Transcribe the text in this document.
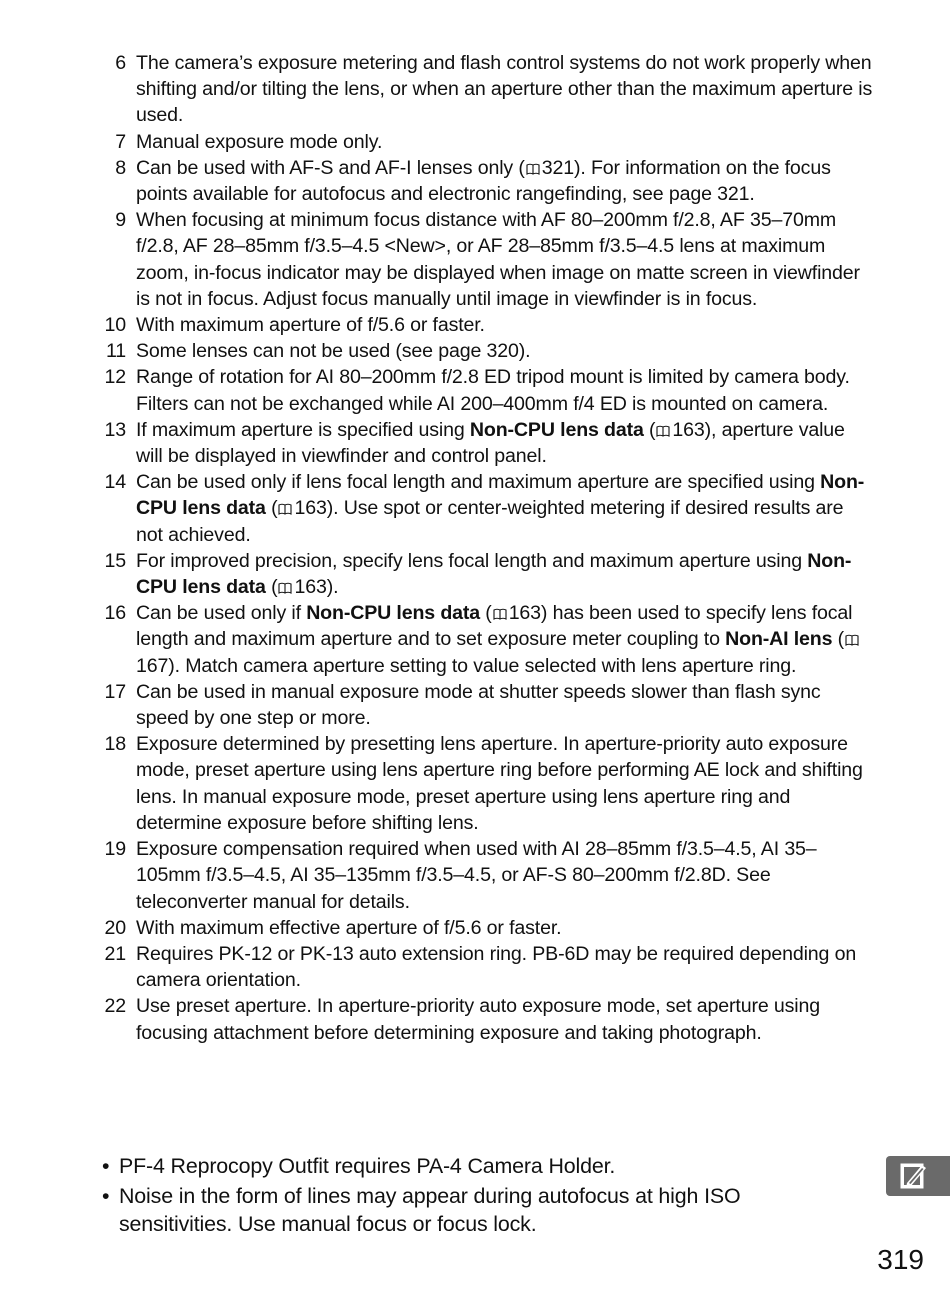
6 The camera’s exposure metering and flash control systems do not work properly when shifting and/or tilting the lens, or when an aperture other than the maximum aperture is used.
7 Manual exposure mode only.
8 Can be used with AF-S and AF-I lenses only ( 321). For information on the focus points available for autofocus and electronic rangefinding, see page 321.
9 When focusing at minimum focus distance with AF 80–200mm f/2.8, AF 35–70mm f/2.8, AF 28–85mm f/3.5–4.5 <New>, or AF 28–85mm f/3.5–4.5 lens at maximum zoom, in-focus indicator may be displayed when image on matte screen in viewfinder is not in focus. Adjust focus manually until image in viewfinder is in focus.
10 With maximum aperture of f/5.6 or faster.
11 Some lenses can not be used (see page 320).
12 Range of rotation for AI 80–200mm f/2.8 ED tripod mount is limited by camera body. Filters can not be exchanged while AI 200–400mm f/4 ED is mounted on camera.
13 If maximum aperture is specified using Non-CPU lens data ( 163), aperture value will be displayed in viewfinder and control panel.
14 Can be used only if lens focal length and maximum aperture are specified using Non-CPU lens data ( 163). Use spot or center-weighted metering if desired results are not achieved.
15 For improved precision, specify lens focal length and maximum aperture using Non-CPU lens data ( 163).
16 Can be used only if Non-CPU lens data ( 163) has been used to specify lens focal length and maximum aperture and to set exposure meter coupling to Non-AI lens (167). Match camera aperture setting to value selected with lens aperture ring.
17 Can be used in manual exposure mode at shutter speeds slower than flash sync speed by one step or more.
18 Exposure determined by presetting lens aperture. In aperture-priority auto exposure mode, preset aperture using lens aperture ring before performing AE lock and shifting lens. In manual exposure mode, preset aperture using lens aperture ring and determine exposure before shifting lens.
19 Exposure compensation required when used with AI 28–85mm f/3.5–4.5, AI 35–105mm f/3.5–4.5, AI 35–135mm f/3.5–4.5, or AF-S 80–200mm f/2.8D. See teleconverter manual for details.
20 With maximum effective aperture of f/5.6 or faster.
21 Requires PK-12 or PK-13 auto extension ring. PB-6D may be required depending on camera orientation.
22 Use preset aperture. In aperture-priority auto exposure mode, set aperture using focusing attachment before determining exposure and taking photograph.
• PF-4 Reprocopy Outfit requires PA-4 Camera Holder.
• Noise in the form of lines may appear during autofocus at high ISO sensitivities. Use manual focus or focus lock.
319
